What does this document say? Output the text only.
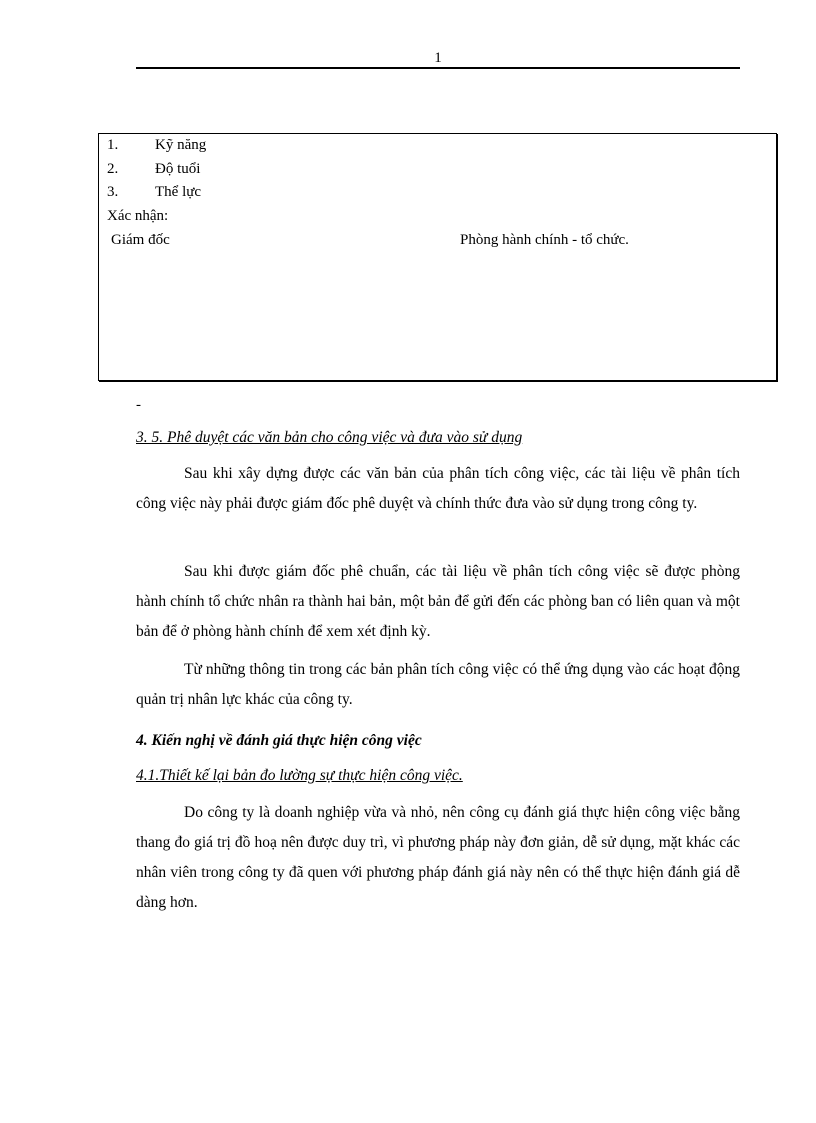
1
1. Kỹ năng
2. Độ tuổi
3. Thể lực
Xác nhận:
Giám đốc	Phòng hành chính - tổ chức.
-
3. 5. Phê duyệt các văn bản cho công việc và đưa vào sử dụng
Sau khi xây dựng được các văn bản của phân tích công việc, các tài liệu về phân tích công việc này phải được giám đốc phê duyệt và chính thức đưa vào sử dụng trong công ty.
Sau khi được giám đốc phê chuẩn, các tài liệu về phân tích công việc sẽ được phòng hành chính tổ chức nhân ra thành hai bản, một bản để gửi đến các phòng ban có liên quan và một bản để ở phòng hành chính để xem xét định kỳ.
Từ những thông tin trong các bản phân tích công việc có thể ứng dụng vào các hoạt động quản trị nhân lực khác của công ty.
4. Kiến nghị về đánh giá thực hiện công việc
4.1.Thiết kế lại bản đo lường sự thực hiện công việc.
Do công ty là doanh nghiệp vừa và nhỏ, nên công cụ đánh giá thực hiện công việc bằng thang đo giá trị đồ hoạ nên được duy trì, vì phương pháp này đơn giản, dễ sử dụng, mặt khác các nhân viên trong công ty đã quen với phương pháp đánh giá này nên có thể thực hiện đánh giá dễ dàng hơn.
